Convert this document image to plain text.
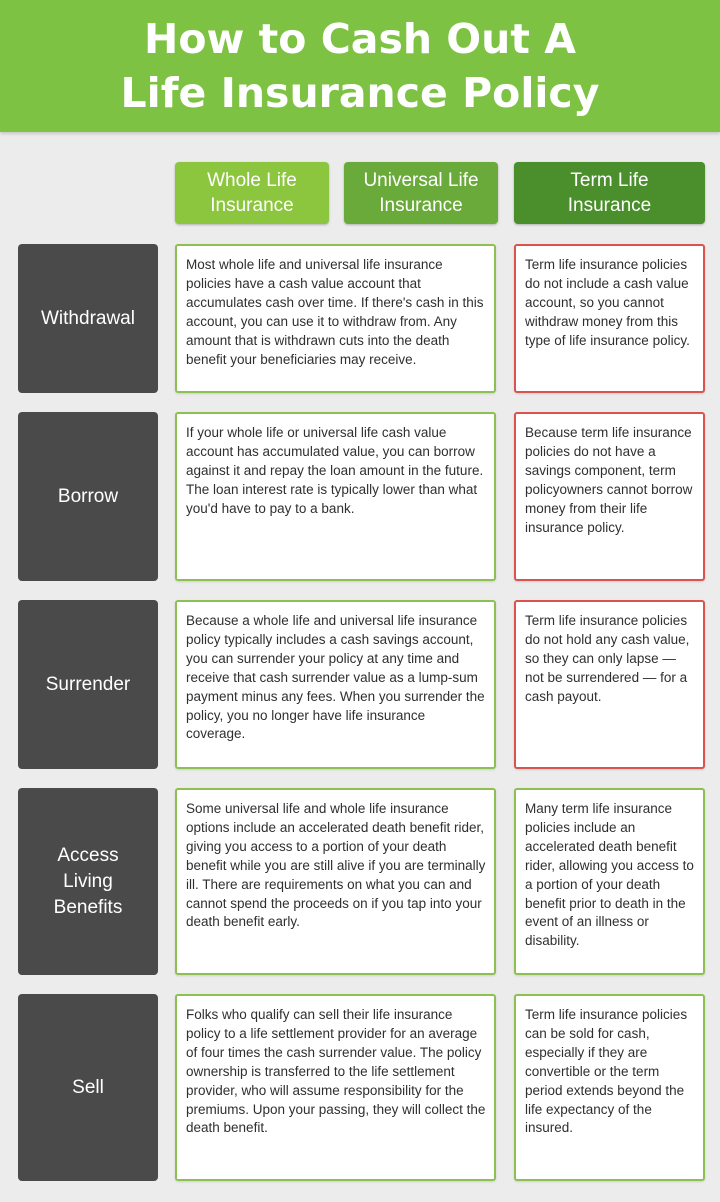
How to Cash Out A
Life Insurance Policy
Whole Life
Insurance
Universal Life
Insurance
Term Life
Insurance
Withdrawal
Most whole life and universal life insurance policies have a cash value account that accumulates cash over time. If there's cash in this account, you can use it to withdraw from. Any amount that is withdrawn cuts into the death benefit your beneficiaries may receive.
Term life insurance policies do not include a cash value account, so you cannot withdraw money from this type of life insurance policy.
Borrow
If your whole life or universal life cash value account has accumulated value, you can borrow against it and repay the loan amount in the future. The loan interest rate is typically lower than what you'd have to pay to a bank.
Because term life insurance policies do not have a savings component, term policyowners cannot borrow money from their life insurance policy.
Surrender
Because a whole life and universal life insurance policy typically includes a cash savings account, you can surrender your policy at any time and receive that cash surrender value as a lump-sum payment minus any fees. When you surrender the policy, you no longer have life insurance coverage.
Term life insurance policies do not hold any cash value, so they can only lapse — not be surrendered — for a cash payout.
Access
Living
Benefits
Some universal life and whole life insurance options include an accelerated death benefit rider, giving you access to a portion of your death benefit while you are still alive if you are terminally ill. There are requirements on what you can and cannot spend the proceeds on if you tap into your death benefit early.
Many term life insurance policies include an accelerated death benefit rider, allowing you access to a portion of your death benefit prior to death in the event of an illness or disability.
Sell
Folks who qualify can sell their life insurance policy to a life settlement provider for an average of four times the cash surrender value. The policy ownership is transferred to the life settlement provider, who will assume responsibility for the premiums. Upon your passing, they will collect the death benefit.
Term life insurance policies can be sold for cash, especially if they are convertible or the term period extends beyond the life expectancy of the insured.
